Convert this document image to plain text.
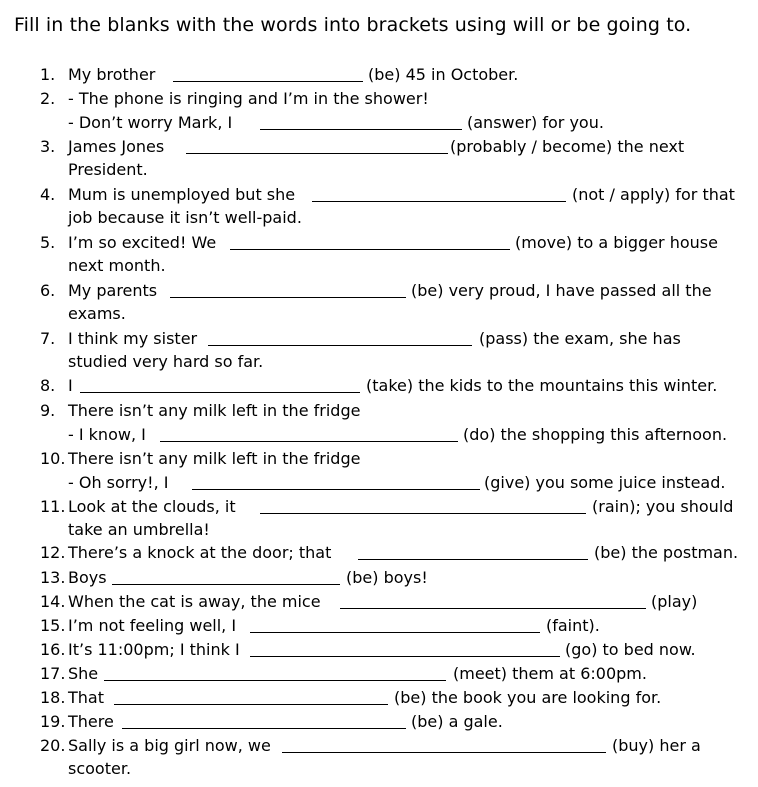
Fill in the blanks with the words into brackets using will or be going to.
1. My brother	(be) 45 in October.
2. - The phone is ringing and I’m in the shower!
- Don’t worry Mark, I	(answer) for you.
3. James Jones	(probably / become) the next
President.
4. Mum is unemployed but she	(not / apply) for that
job because it isn’t well-paid.
5. I’m so excited! We	(move) to a bigger house
next month.
6. My parents	(be) very proud, I have passed all the
exams.
7. I think my sister	(pass) the exam, she has
studied very hard so far.
8. I	(take) the kids to the mountains this winter.
9. There isn’t any milk left in the fridge
- I know, I	(do) the shopping this afternoon.
10. There isn’t any milk left in the fridge
- Oh sorry!, I	(give) you some juice instead.
11. Look at the clouds, it	(rain); you should
take an umbrella!
12. There’s a knock at the door; that	(be) the postman.
13. Boys	(be) boys!
14. When the cat is away, the mice	(play)
15. I’m not feeling well, I	(faint).
16. It’s 11:00pm; I think I	(go) to bed now.
17. She	(meet) them at 6:00pm.
18. That	(be) the book you are looking for.
19. There	(be) a gale.
20. Sally is a big girl now, we	(buy) her a
scooter.
